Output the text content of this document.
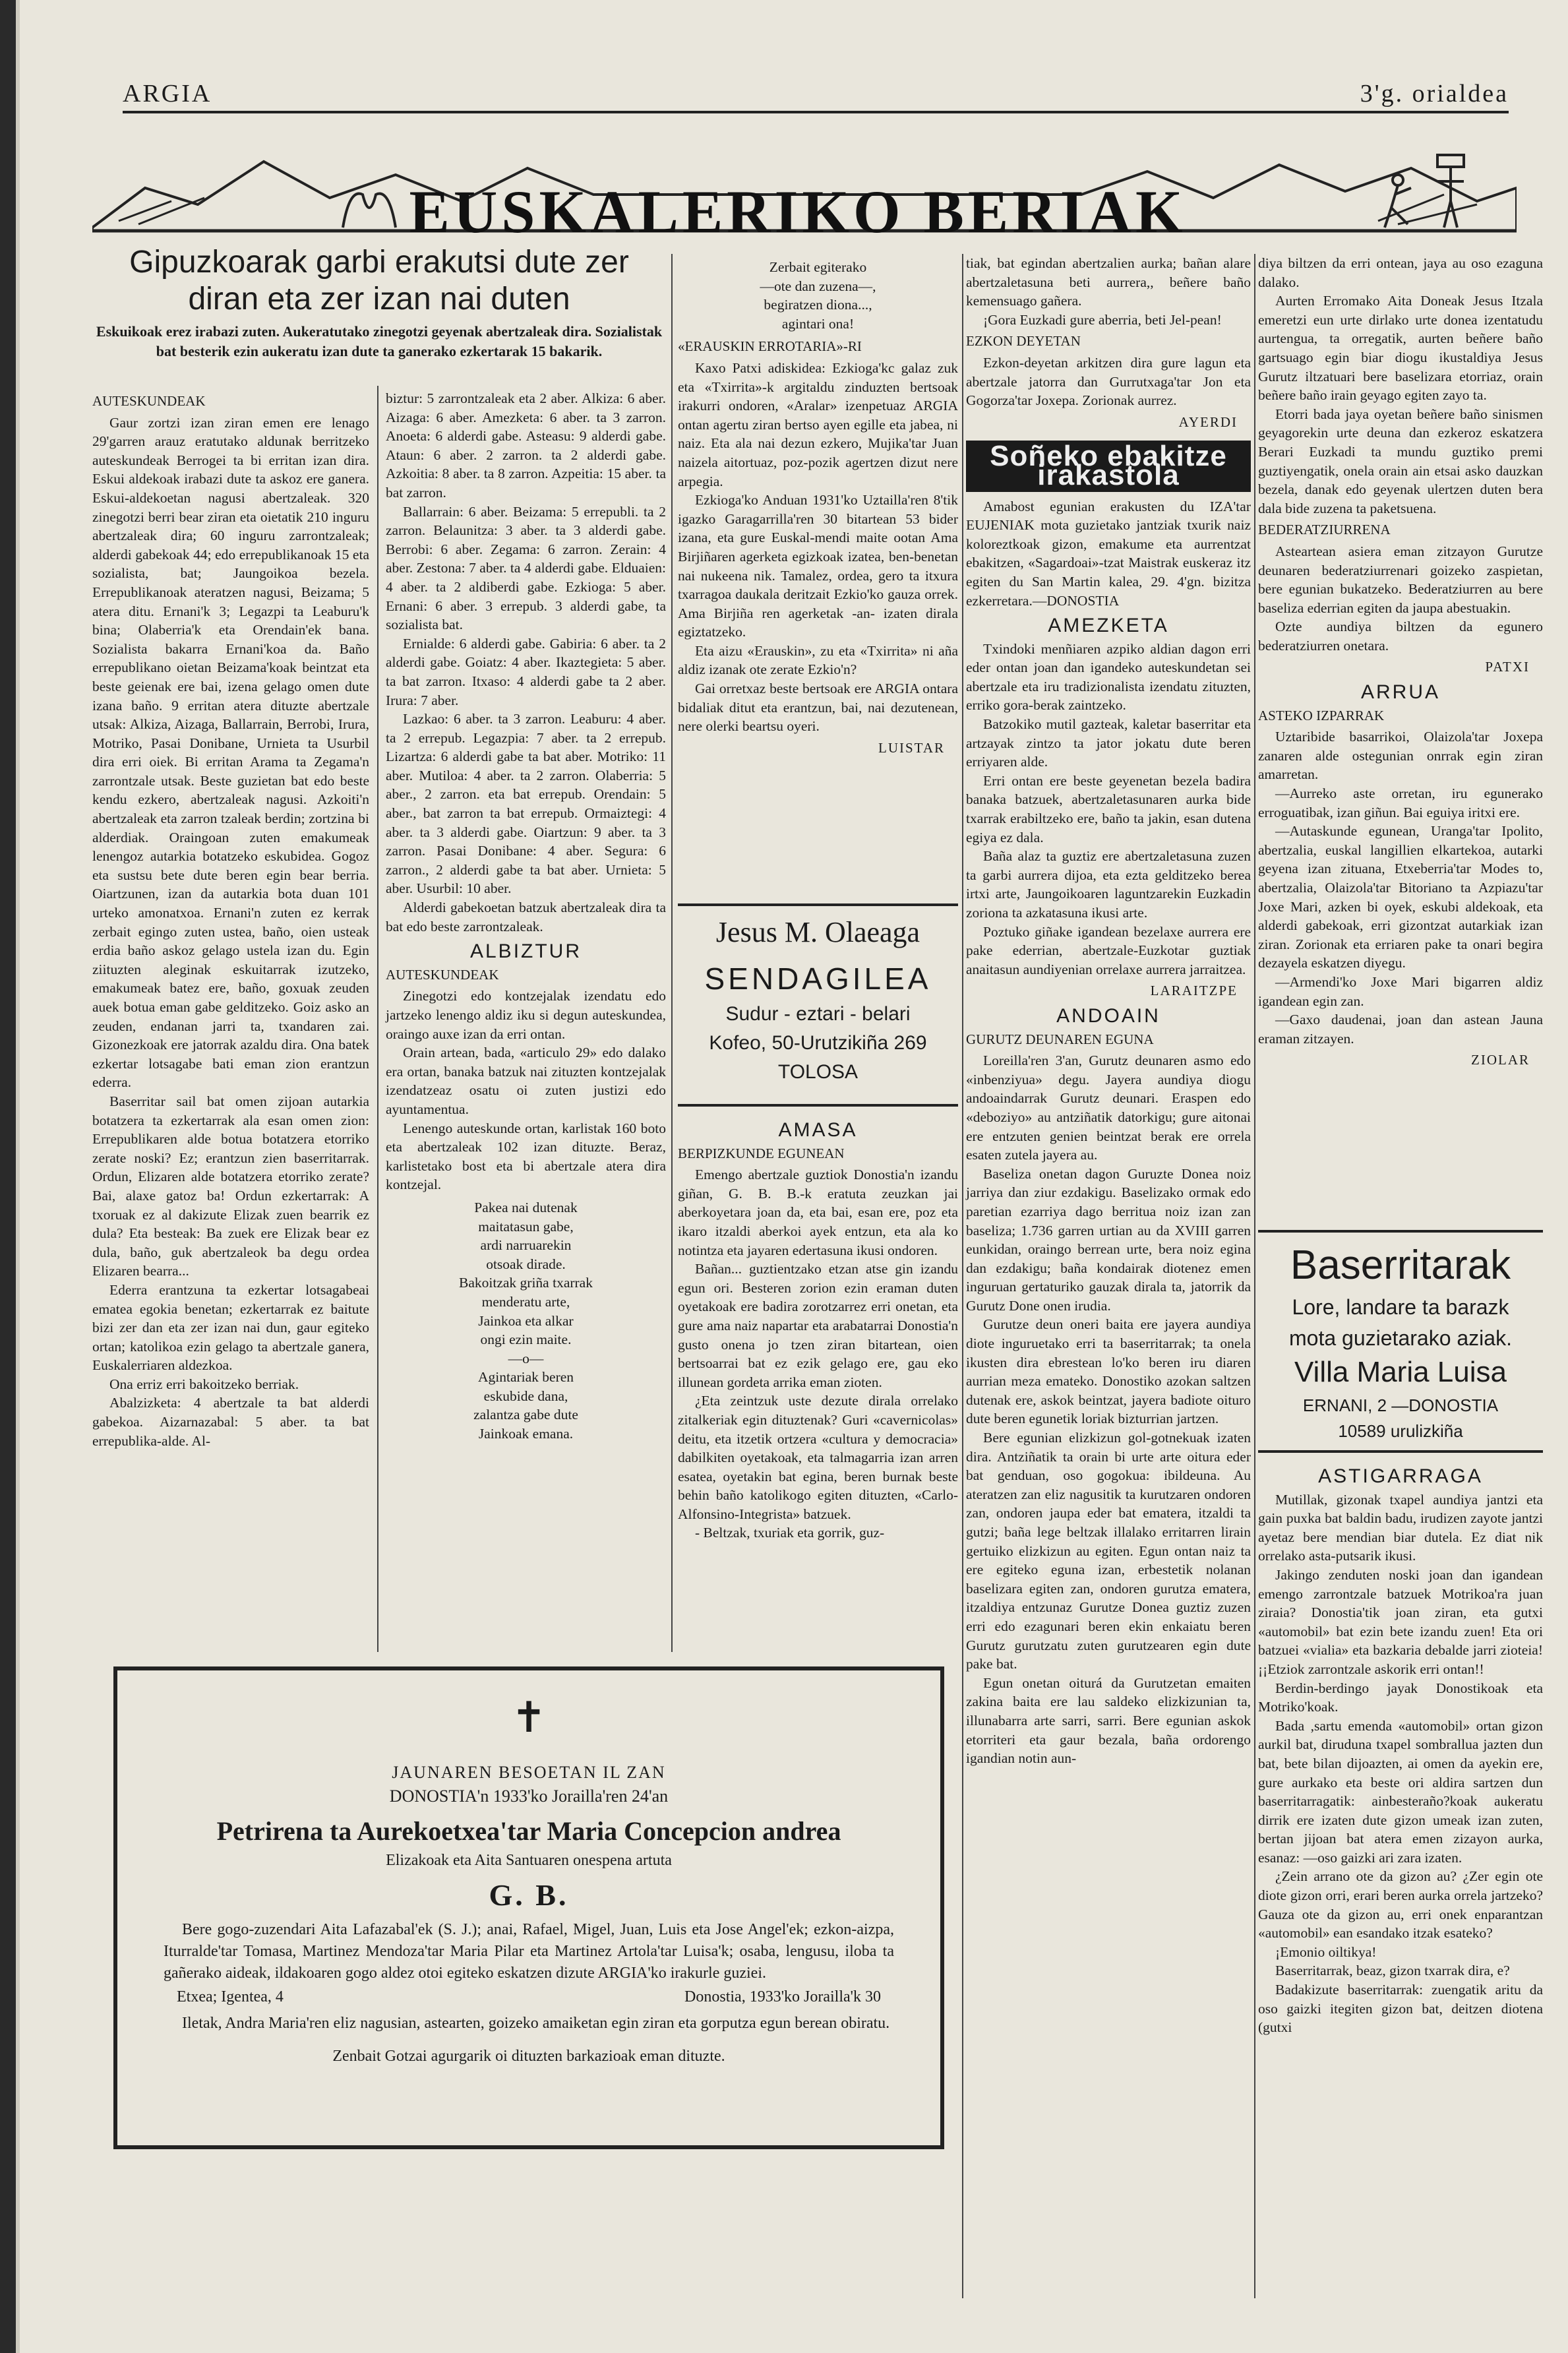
ARGIA	3'g. orialdea
EUSKALERIKO BERIAK
Gipuzkoarak garbi erakutsi dute zer diran eta zer izan nai duten
Eskuikoak erez irabazi zuten. Aukeratutako zinegotzi geyenak abertzaleak dira. Sozialistak bat besterik ezin aukeratu izan dute ta ganerako ezkertarak 15 bakarik.
AUTESKUNDEAK

Gaur zortzi izan ziran emen ere lenago 29'garren arauz eratutako aldunak berritzeko auteskundeak Berrogei ta bi erritan izan dira. Eskui aldekoak irabazi dute ta askoz ere ganera. Eskui-aldekoetan nagusi abertzaleak. 320 zinegotzi berri bear ziran eta oietatik 210 inguru abertzaleak dira; 60 inguru zarrontzaleak; alderdi gabekoak 44; edo errepublikanoak 15 eta sozialista, bat; Jaungoikoa bezela. Errepublikanoak ateratzen nagusi, Beizama; 5 atera ditu. Ernani'k 3; Legazpi ta Leaburu'k bina; Olaberria'k eta Orendain'ek bana. Sozialista bakarra Ernani'koa da. Baño errepublikano oietan Beizama'koak beintzat eta beste geienak ere bai, izena gelago omen dute izana baño. 9 erritan atera dituzte abertzale utsak: Alkiza, Aizaga, Ballarrain, Berrobi, Irura, Motriko, Pasai Donibane, Urnieta ta Usurbil dira erri oiek. Bi erritan Arama ta Zegama'n zarrontzale utsak. Beste guzietan bat edo beste kendu ezkero, abertzaleak nagusi. Azkoiti'n abertzaleak eta zarron tzaleak berdin; zortzina bi alderdiak. Oraingoan zuten emakumeak lenengoz autarkia botatzeko eskubidea. Gogoz eta sustsu bete dute beren egin bear berria. Oiartzunen, izan da autarkia bota duan 101 urteko amonatxoa. Ernani'n zuten ez kerrak zerbait egingo zuten ustea, baño, oien usteak erdia baño askoz gelago ustela izan du. Egin ziituzten aleginak eskuitarrak izutzeko, emakumeak batez ere, baño, goxuak zeuden auek botua eman gabe gelditzeko. Goiz asko an zeuden, endanan jarri ta, txandaren zai. Gizonezkoak ere jatorrak azaldu dira. Ona batek ezkertar lotsagabe bati eman zion erantzun ederra.

Baserritar sail bat omen zijoan autarkia botatzera ta ezkertarrak ala esan omen zion: Errepublikaren alde botua botatzera etorriko zerate noski? Ez; erantzun zien baserritarrak. Ordun, Elizaren alde botatzera etorriko zerate? Bai, alaxe gatoz ba! Ordun ezkertarrak: A txoruak ez al dakizute Elizak zuen bearrik ez dula? Eta besteak: Ba zuek ere Elizak bear ez dula, baño, guk abertzaleok ba degu ordea Elizaren bearra...

Ederra erantzuna ta ezkertar lotsagabeai ematea egokia benetan; ezkertarrak ez baitute bizi zer dan eta zer izan nai dun, gaur egiteko ortan; katolikoa ezin gelago ta abertzale ganera, Euskalerriaren aldezkoa.

Ona erriz erri bakoitzeko berriak.

Abalzizketa: 4 abertzale ta bat alderdi gabekoa. Aizarnazabal: 5 aber. ta bat errepublika-alde. Al-

biztur: 5 zarrontzaleak eta 2 aber. Alkiza: 6 aber. Aizaga: 6 aber. Amezketa: 6 aber. ta 3 zarron. Anoeta: 6 alderdi gabe. Asteasu: 9 alderdi gabe. Ataun: 6 aber. 2 zarron. ta 2 alderdi gabe. Azkoitia: 8 aber. ta 8 zarron. Azpeitia: 15 aber. ta bat zarron.

Ballarrain: 6 aber. Beizama: 5 errepubli. ta 2 zarron. Belaunitza: 3 aber. ta 3 alderdi gabe. Berrobi: 6 aber. Zegama: 6 zarron. Zerain: 4 aber. Zestona: 7 aber. ta 4 alderdi gabe. Elduaien: 4 aber. ta 2 aldiberdi gabe. Ezkioga: 5 aber. Ernani: 6 aber. 3 errepub. 3 alderdi gabe, ta sozialista bat.

Ernialde: 6 alderdi gabe. Gabiria: 6 aber. ta 2 alderdi gabe. Goiatz: 4 aber. Ikaztegieta: 5 aber. ta bat zarron. Itxaso: 4 alderdi gabe ta 2 aber. Irura: 7 aber.

Lazkao: 6 aber. ta 3 zarron. Leaburu: 4 aber. ta 2 errepub. Legazpia: 7 aber. ta 2 errepub. Lizartza: 6 alderdi gabe ta bat aber. Motriko: 11 aber. Mutiloa: 4 aber. ta 2 zarron. Olaberria: 5 aber., 2 zarron. eta bat errepub. Orendain: 5 aber., bat zarron ta bat errepub. Ormaiztegi: 4 aber. ta 3 alderdi gabe. Oiartzun: 9 aber. ta 3 zarron. Pasai Donibane: 4 aber. Segura: 6 zarron., 2 alderdi gabe ta bat aber. Urnieta: 5 aber. Usurbil: 10 aber.

Alderdi gabekoetan batzuk abertzaleak dira ta bat edo beste zarrontzaleak.

ALBIZTUR
AUTESKUNDEAK

Zinegotzi edo kontzejalak izendatu edo jartzeko lenengo aldiz iku si degun auteskundea, oraingo auxe izan da erri ontan.

Orain artean, bada, «articulo 29» edo dalako era ortan, banaka batzuk nai zituzten kontzejalak izendatzeaz osatu oi zuten justizi edo ayuntamentua.

Lenengo auteskunde ortan, karlistak 160 boto eta abertzaleak 102 izan dituzte. Beraz, karlistetako bost eta bi abertzale atera dira kontzejal.

Pakea nai dutenak
maitatasun gabe,
ardi narruarekin
otsoak dirade.
Bakoitzak griña txarrak
menderatu arte,
Jainkoa eta alkar
ongi ezin maite.
—o—
Agintariak beren
eskubide dana,
zalantza gabe dute
Jainkoak emana.
Zerbait egiterako
—ote dan zuzena—,
begiratzen diona...,
agintari ona!
«ERAUSKIN ERROTARIA»-RI

Kaxo Patxi adiskidea: Ezkioga'kc galaz zuk eta «Txirrita»-k argitaldu zinduzten bertsoak irakurri ondoren, «Aralar» izenpetuaz ARGIA ontan agertu ziran bertso ayen egille eta jabea, ni naiz. Eta ala nai dezun ezkero, Mujika'tar Juan naizela aitortuaz, poz-pozik agertzen dizut nere arpegia.

Ezkioga'ko Anduan 1931'ko Uztailla'ren 8'tik igazko Garagarrilla'ren 30 bitartean 53 bider izana, eta gure Euskal-mendi maite ootan Ama Birjiñaren agerketa egizkoak izatea, ben-benetan nai nukeena nik. Tamalez, ordea, gero ta itxura txarragoa daukala deritzait Ezkio'ko gauza orrek. Ama Birjiña ren agerketak -an- izaten dirala egiztatzeko.

Eta aizu «Erauskin», zu eta «Txirrita» ni aña aldiz izanak ote zerate Ezkio'n?

Gai orretxaz beste bertsoak ere ARGIA ontara bidaliak ditut eta erantzun, bai, nai dezutenean, nere olerki beartsu oyeri.

LUISTAR
Jesus M. Olaeaga
SENDAGILEA
Sudur - eztari - belari
Kofeo, 50-Urutzikiña 269
TOLOSA
AMASA
BERPIZKUNDE EGUNEAN

Emengo abertzale guztiok Donostia'n izandu giñan, G. B. B.-k eratuta zeuzkan jai aberkoyetara joan da, eta bai, esan ere, poz eta ikaro itzaldi aberkoi ayek entzun, eta ala ko notintza eta jayaren edertasuna ikusi ondoren.

Bañan... guztientzako etzan atse gin izandu egun ori. Besteren zorion ezin eraman duten oyetakoak ere badira zorotzarrez erri onetan, eta gure ama naiz napartar eta arabatarrai Donostia'n gusto onena jo tzen ziran bitartean, oien bertsoarrai bat ez ezik gelago ere, gau eko illunean gordeta arrika eman zioten.

¿Eta zeintzuk uste dezute dirala orrelako zitalkeriak egin dituztenak? Guri «cavernicolas» deitu, eta itzetik ortzera «cultura y democracia» dabilkiten oyetakoak, eta talmagarria izan arren esatea, oyetakin bat egina, beren burnak beste behin baño katolikogo egiten dituzten, «Carlo-Alfonsino-Integrista» batzuek.

- Beltzak, txuriak eta gorrik, guz-

tiak, bat egindan abertzalien aurka; bañan alare abertzaletasuna beti aurrera,, beñere baño kemensuago gañera.

¡Gora Euzkadi gure aberria, beti Jel-pean!

EZKON DEYETAN

Ezkon-deyetan arkitzen dira gure lagun eta abertzale jatorra dan Gurrutxaga'tar Jon eta Gogorza'tar Joxepa. Zorionak aurrez.

AYERDI
Soñeko ebakitze irakastola

Amabost egunian erakusten du IZA'tar EUJENIAK mota guzietako jantziak txurik naiz koloreztkoak gizon, emakume eta aurrentzat ebakitzen, «Sagardoai»-tzat Maistrak euskeraz itz egiten du San Martin kalea, 29. 4'gn. bizitza ezkerretara.—DONOSTIA

AMEZKETA

Txindoki menñiaren azpiko aldian dagon erri eder ontan joan dan igandeko auteskundetan sei abertzale eta iru tradizionalista izendatu zituzten, erriko gora-berak zaintzeko.

Batzokiko mutil gazteak, kaletar baserritar eta artzayak zintzo ta jator jokatu dute beren erriyaren alde.

Erri ontan ere beste geyenetan bezela badira banaka batzuek, abertzaletasunaren aurka bide txarrak erabiltzeko ere, baño ta jakin, esan dutena egiya ez dala.

Baña alaz ta guztiz ere abertzaletasuna zuzen ta garbi aurrera dijoa, eta ezta gelditzeko berea irtxi arte, Jaungoikoaren laguntzarekin Euzkadin zoriona ta azkatasuna ikusi arte.

Poztuko giñake igandean bezelaxe aurrera ere pake ederrian, abertzale-Euzkotar guztiak anaitasun aundiyenian orrelaxe aurrera jarraitzea.

LARAITZPE
ANDOAIN
GURUTZ DEUNAREN EGUNA

Loreilla'ren 3'an, Gurutz deunaren asmo edo «inbenziyua» degu. Jayera aundiya diogu andoaindarrak Gurutz deunari. Eraspen edo «deboziyo» au antziñatik datorkigu; gure aitonai ere entzuten genien beintzat berak ere orrela esaten zutela jayera au.

Baseliza onetan dagon Guruzte Donea noiz jarriya dan ziur ezdakigu. Baselizako ormak edo paretian ezarriya dago berritua noiz izan zan baseliza; 1.736 garren urtian au da XVIII garren eunkidan, oraingo berrean urte, bera noiz egina dan ezdakigu; baña kondairak diotenez emen inguruan gertaturiko gauzak dirala ta, jatorrik da Gurutz Done onen irudia.

Gurutze deun oneri baita ere jayera aundiya diote inguruetako erri ta baserritarrak; ta onela ikusten dira ebrestean lo'ko beren iru diaren aurrian meza emateko. Donostiko azokan saltzen dutenak ere, askok beintzat, jayera badiote oituro dute beren egunetik loriak bizturrian jartzen.

Bere egunian elizkizun gol-gotnekuak izaten dira. Antziñatik ta orain bi urte arte oitura eder bat genduan, oso gogokua: ibildeuna. Au ateratzen zan eliz nagusitik ta kurutzaren ondoren zan, ondoren jaupa eder bat ematera, itzaldi ta gutzi; baña lege beltzak illalako erritarren lirain gertuiko elizkizun au egiten. Egun ontan naiz ta ere egiteko eguna izan, erbestetik nolanan baselizara egiten zan, ondoren gurutza ematera, itzaldiya entzunaz Gurutze Donea guztiz zuzen erri edo ezagunari beren ekin enkaiatu beren Gurutz gurutzatu zuten gurutzearen egin dute pake bat.

Egun onetan oiturá da Gurutzetan emaiten zakina baita ere lau saldeko elizkizunian ta, illunabarra arte sarri, sarri. Bere egunian askok etorriteri eta gaur bezala, baña ordorengo igandian notin aun-

diya biltzen da erri ontean, jaya au oso ezaguna dalako.

Aurten Erromako Aita Doneak Jesus Itzala emeretzi eun urte dirlako urte donea izentatudu aurtengua, ta orregatik, aurten beñere baño gartsuago egin biar diogu ikustaldiya Jesus Gurutz iltzatuari bere baselizara etorriaz, orain beñere baño irain geyago egiten zayo ta.

Etorri bada jaya oyetan beñere baño sinismen geyagorekin urte deuna dan ezkeroz eskatzera Berari Euzkadi ta mundu guztiko premi guztiyengatik, onela orain ain etsai asko dauzkan bezela, danak edo geyenak ulertzen duten bera dala bide zuzena ta paketsuena.

BEDERATZIURRENA

Asteartean asiera eman zitzayon Gurutze deunaren bederatziurrenari goizeko zaspietan, bere egunian bukatzeko. Bederatziurren au bere baseliza ederrian egiten da jaupa abestuakin.

Ozte aundiya biltzen da egunero bederatziurren onetara.

PATXI
ARRUA
ASTEKO IZPARRAK

Uztaribide basarrikoi, Olaizola'tar Joxepa zanaren alde ostegunian onrrak egin ziran amarretan.

—Aurreko aste orretan, iru egunerako erroguatibak, izan giñun. Bai eguiya iritxi ere.

—Autaskunde egunean, Uranga'tar Ipolito, abertzalia, euskal langillien elkartekoa, autarki geyena izan zituana, Etxeberria'tar Modes to, abertzalia, Olaizola'tar Bitoriano ta Azpiazu'tar Joxe Mari, azken bi oyek, eskubi aldekoak, eta alderdi gabekoak, erri gizontzat autarkiak izan ziran. Zorionak eta erriaren pake ta onari begira dezayela eskatzen diyegu.

—Armendi'ko Joxe Mari bigarren aldiz igandean egin zan.

—Gaxo daudenai, joan dan astean Jauna eraman zitzayen.

ZIOLAR
Baserritarak
Lore, landare ta barazk
mota guzietarako aziak.
Villa Maria Luisa
ERNANI, 2 —DONOSTIA
10589 urulizkiña
ASTIGARRAGA

Mutillak, gizonak txapel aundiya jantzi eta gain puxka bat baldin badu, irudizen zayote jantzi ayetaz bere mendian biar dutela. Ez diat nik orrelako asta-putsarik ikusi.

Jakingo zenduten noski joan dan igandean emengo zarrontzale batzuek Motrikoa'ra juan ziraia? Donostia'tik joan ziran, eta gutxi «automobil» bat ezin bete izandu zuen! Eta ori batzuei «vialia» eta bazkaria debalde jarri zioteia! ¡¡Etziok zarrontzale askorik erri ontan!!

Berdin-berdingo jayak Donostikoak eta Motriko'koak.

Bada ,sartu emenda «automobil» ortan gizon aurkil bat, diruduna txapel sombrallua jazten dun bat, bete bilan dijoazten, ai omen da ayekin ere, gure aurkako eta beste ori aldira sartzen dun baserritarragatik: ainbesteraño?koak aukeratu dirrik ere izaten dute gizon umeak izan zuten, bertan jijoan bat atera emen zizayon aurka, esanaz: —oso gaizki ari zara izaten.

¿Zein arrano ote da gizon au? ¿Zer egin ote diote gizon orri, erari beren aurka orrela jartzeko? Gauza ote da gizon au, erri onek enparantzan «automobil» ean esandako itzak esateko?

¡Emonio oiltikya!

Baserritarrak, beaz, gizon txarrak dira, e?

Badakizute baserritarrak: zuengatik aritu da oso gaizki itegiten gizon bat, deitzen diotena (gutxi

✝
JAUNAREN BESOETAN IL ZAN
DONOSTIA'n 1933'ko Jorailla'ren 24'an
Petrirena ta Aurekoetxea'tar Maria Concepcion andrea
Elizakoak eta Aita Santuaren onespena artuta
G. B.
Bere gogo-zuzendari Aita Lafazabal'ek (S. J.); anai, Rafael, Migel, Juan, Luis eta Jose Angel'ek; ezkon-aizpa, Iturralde'tar Tomasa, Martinez Mendoza'tar Maria Pilar eta Martinez Artola'tar Luisa'k; osaba, lengusu, iloba ta gañerako aideak, ildakoaren gogo aldez otoi egiteko eskatzen dizute ARGIA'ko irakurle guziei.
Etxea; Igentea, 4	Donostia, 1933'ko Jorailla'k 30
Iletak, Andra Maria'ren eliz nagusian, astearten, goizeko amaiketan egin ziran eta gorputza egun berean obiratu.
Zenbait Gotzai agurgarik oi dituzten barkazioak eman dituzte.
